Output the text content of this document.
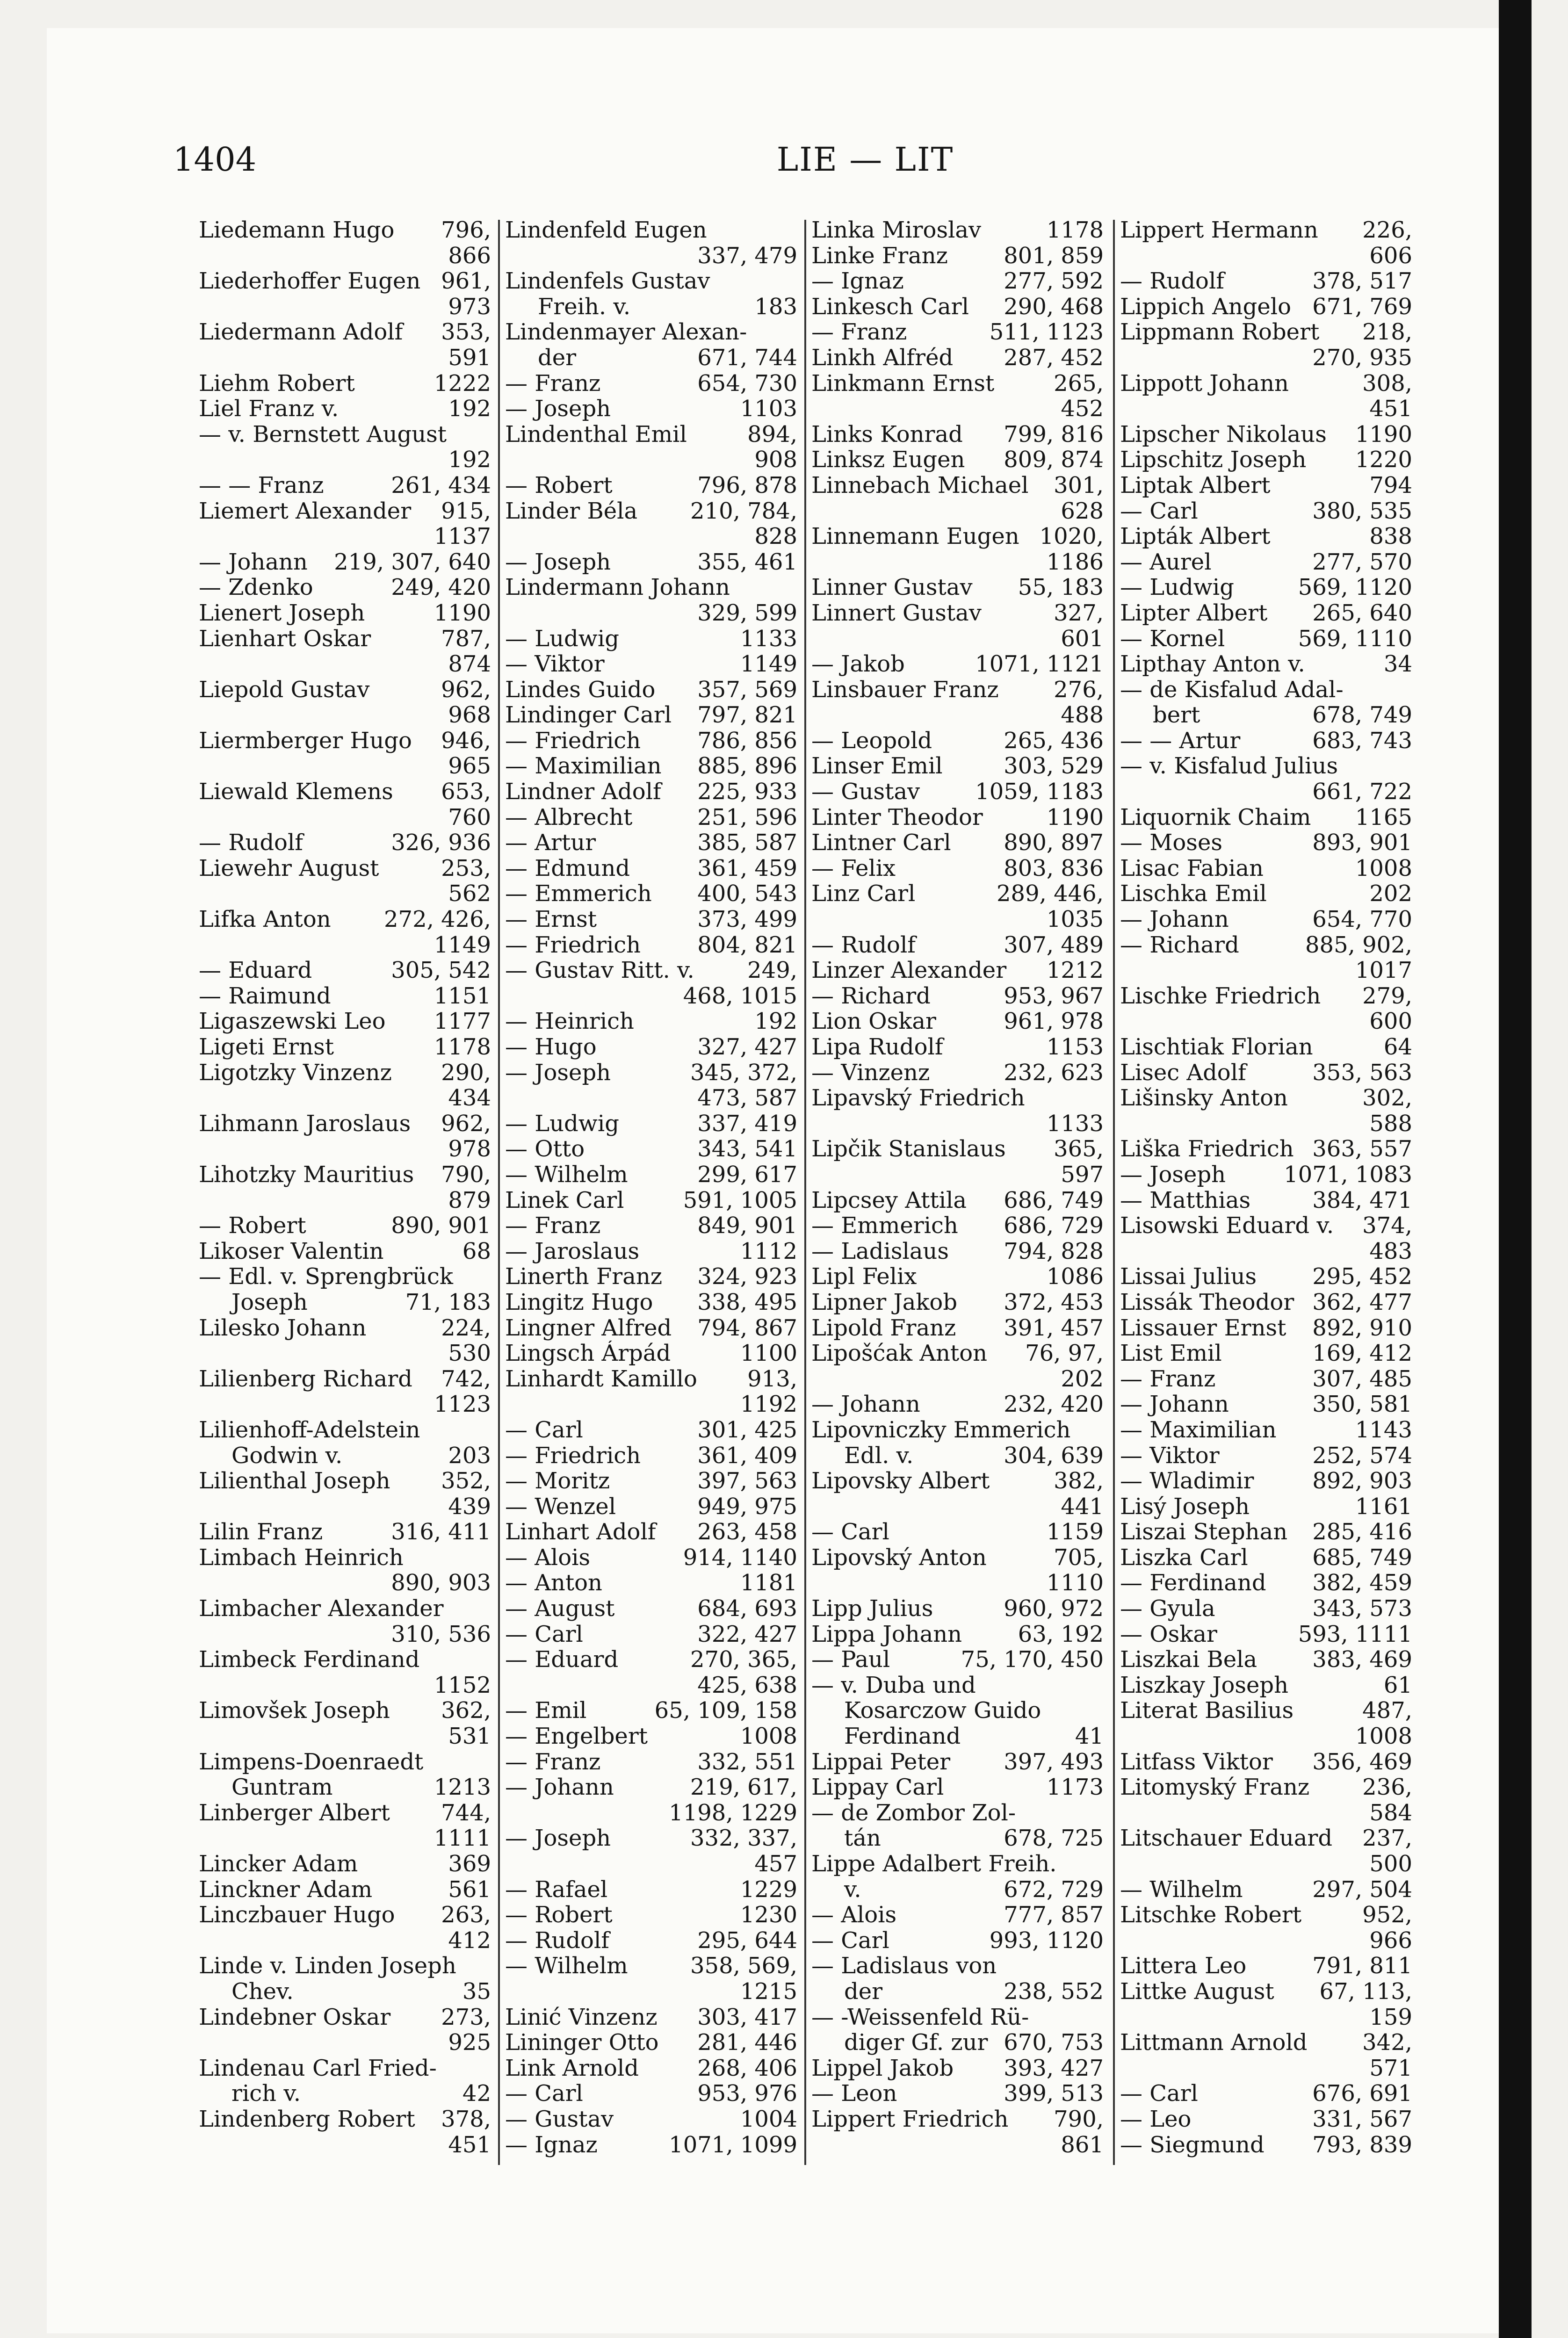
1404	LIE — LIT
Liedemann Hugo 796,
866
Liederhoffer Eugen 961,
973
Liedermann Adolf 353,
591
Liehm Robert	1222
Liel Franz v.	192
— v. Bernstett August
192
— — Franz	261, 434
Liemert Alexander 915,
1137
— Johann 219, 307, 640
— Zdenko	249, 420
Lienert Joseph	1190
Lienhart Oskar	787,
874
Liepold Gustav	962,
968
Liermberger Hugo 946,
965
Liewald Klemens 653,
760
— Rudolf	326, 936
Liewehr August	253,
562
Lifka Anton 272, 426,
1149
— Eduard	305, 542
— Raimund	1151
Ligaszewski Leo 1177
Ligeti Ernst	1178
Ligotzky Vinzenz 290,
434
Lihmann Jaroslaus 962,
978
Lihotzky Mauritius 790,
879
— Robert	890, 901
Likoser Valentin	68
— Edl. v. Sprengbrück
Joseph	71, 183
Lilesko Johann	224,
530
Lilienberg Richard 742,
1123
Lilienhoff-Adelstein
Godwin v.	203
Lilienthal Joseph 352,
439
Lilin Franz	316, 411
Limbach Heinrich
890, 903
Limbacher Alexander
310, 536
Limbeck Ferdinand
1152
Limovšek Joseph 362,
531
Limpens-Doenraedt
Guntram	1213
Linberger Albert 744,
1111
Lincker Adam	369
Linckner Adam	561
Linczbauer Hugo 263,
412
Linde v. Linden Joseph
Chev.	35
Lindebner Oskar 273,
925
Lindenau Carl Fried-
rich v.	42
Lindenberg Robert 378,
451
Lindenfeld Eugen
337, 479
Lindenfels Gustav
Freih. v.	183
Lindenmayer Alexan-
der	671, 744
— Franz	654, 730
— Joseph	1103
Lindenthal Emil	894,
908
— Robert	796, 878
Linder Béla 210, 784,
828
— Joseph	355, 461
Lindermann Johann
329, 599
— Ludwig	1133
— Viktor	1149
Lindes Guido 357, 569
Lindinger Carl 797, 821
— Friedrich	786, 856
— Maximilian 885, 896
Lindner Adolf 225, 933
— Albrecht	251, 596
— Artur	385, 587
— Edmund	361, 459
— Emmerich 400, 543
— Ernst	373, 499
— Friedrich	804, 821
— Gustav Ritt. v. 249,
468, 1015
— Heinrich	192
— Hugo	327, 427
— Joseph	345, 372,
473, 587
— Ludwig	337, 419
— Otto	343, 541
— Wilhelm	299, 617
Linek Carl	591, 1005
— Franz	849, 901
— Jaroslaus	1112
Linerth Franz 324, 923
Lingitz Hugo 338, 495
Lingner Alfred 794, 867
Lingsch Árpád	1100
Linhardt Kamillo 913,
1192
— Carl	301, 425
— Friedrich	361, 409
— Moritz	397, 563
— Wenzel	949, 975
Linhart Adolf 263, 458
— Alois	914, 1140
— Anton	1181
— August	684, 693
— Carl	322, 427
— Eduard	270, 365,
425, 638
— Emil	65, 109, 158
— Engelbert	1008
— Franz	332, 551
— Johann	219, 617,
1198, 1229
— Joseph	332, 337,
457
— Rafael	1229
— Robert	1230
— Rudolf	295, 644
— Wilhelm	358, 569,
1215
Linić Vinzenz 303, 417
Lininger Otto 281, 446
Link Arnold	268, 406
— Carl	953, 976
— Gustav	1004
— Ignaz	1071, 1099
Linka Miroslav	1178
Linke Franz 801, 859
— Ignaz	277, 592
Linkesch Carl 290, 468
— Franz	511, 1123
Linkh Alfréd 287, 452
Linkmann Ernst	265,
452
Links Konrad 799, 816
Linksz Eugen 809, 874
Linnebach Michael 301,
628
Linnemann Eugen 1020,
1186
Linner Gustav 55, 183
Linnert Gustav	327,
601
— Jakob	1071, 1121
Linsbauer Franz 276,
488
— Leopold	265, 436
Linser Emil	303, 529
— Gustav 1059, 1183
Linter Theodor	1190
Lintner Carl 890, 897
— Felix	803, 836
Linz Carl	289, 446,
1035
— Rudolf	307, 489
Linzer Alexander 1212
— Richard	953, 967
Lion Oskar	961, 978
Lipa Rudolf	1153
— Vinzenz	232, 623
Lipavský Friedrich
1133
Lipčik Stanislaus 365,
597
Lipcsey Attila 686, 749
— Emmerich 686, 729
— Ladislaus 794, 828
Lipl Felix	1086
Lipner Jakob 372, 453
Lipold Franz 391, 457
Lipošćak Anton 76, 97,
202
— Johann	232, 420
Lipovniczky Emmerich
Edl. v.	304, 639
Lipovsky Albert	382,
441
— Carl	1159
Lipovský Anton	705,
1110
Lipp Julius	960, 972
Lippa Johann 63, 192
— Paul	75, 170, 450
— v. Duba und
Kosarczow Guido
Ferdinand	41
Lippai Peter 397, 493
Lippay Carl	1173
— de Zombor Zol-
tán	678, 725
Lippe Adalbert Freih.
v.	672, 729
— Alois	777, 857
— Carl	993, 1120
— Ladislaus von
der	238, 552
— -Weissenfeld Rü-
diger Gf. zur 670, 753
Lippel Jakob 393, 427
— Leon	399, 513
Lippert Friedrich 790,
861
Lippert Hermann 226,
606
— Rudolf	378, 517
Lippich Angelo 671, 769
Lippmann Robert 218,
270, 935
Lippott Johann	308,
451
Lipscher Nikolaus 1190
Lipschitz Joseph 1220
Liptak Albert	794
— Carl	380, 535
Lipták Albert	838
— Aurel	277, 570
— Ludwig	569, 1120
Lipter Albert 265, 640
— Kornel	569, 1110
Lipthay Anton v.	34
— de Kisfalud Adal-
bert	678, 749
— — Artur	683, 743
— v. Kisfalud Julius
661, 722
Liquornik Chaim 1165
— Moses	893, 901
Lisac Fabian	1008
Lischka Emil	202
— Johann	654, 770
— Richard	885, 902,
1017
Lischke Friedrich 279,
600
Lischtiak Florian	64
Lisec Adolf	353, 563
Lišinsky Anton	302,
588
Liška Friedrich 363, 557
— Joseph	1071, 1083
— Matthias	384, 471
Lisowski Eduard v. 374,
483
Lissai Julius 295, 452
Lissák Theodor 362, 477
Lissauer Ernst 892, 910
List Emil	169, 412
— Franz	307, 485
— Johann	350, 581
— Maximilian	1143
— Viktor	252, 574
— Wladimir	892, 903
Lisý Joseph	1161
Liszai Stephan 285, 416
Liszka Carl	685, 749
— Ferdinand 382, 459
— Gyula	343, 573
— Oskar	593, 1111
Liszkai Bela 383, 469
Liszkay Joseph	61
Literat Basilius	487,
1008
Litfass Viktor 356, 469
Litomyský Franz 236,
584
Litschauer Eduard 237,
500
— Wilhelm	297, 504
Litschke Robert	952,
966
Littera Leo	791, 811
Littke August 67, 113,
159
Littmann Arnold 342,
571
— Carl	676, 691
— Leo	331, 567
— Siegmund 793, 839
